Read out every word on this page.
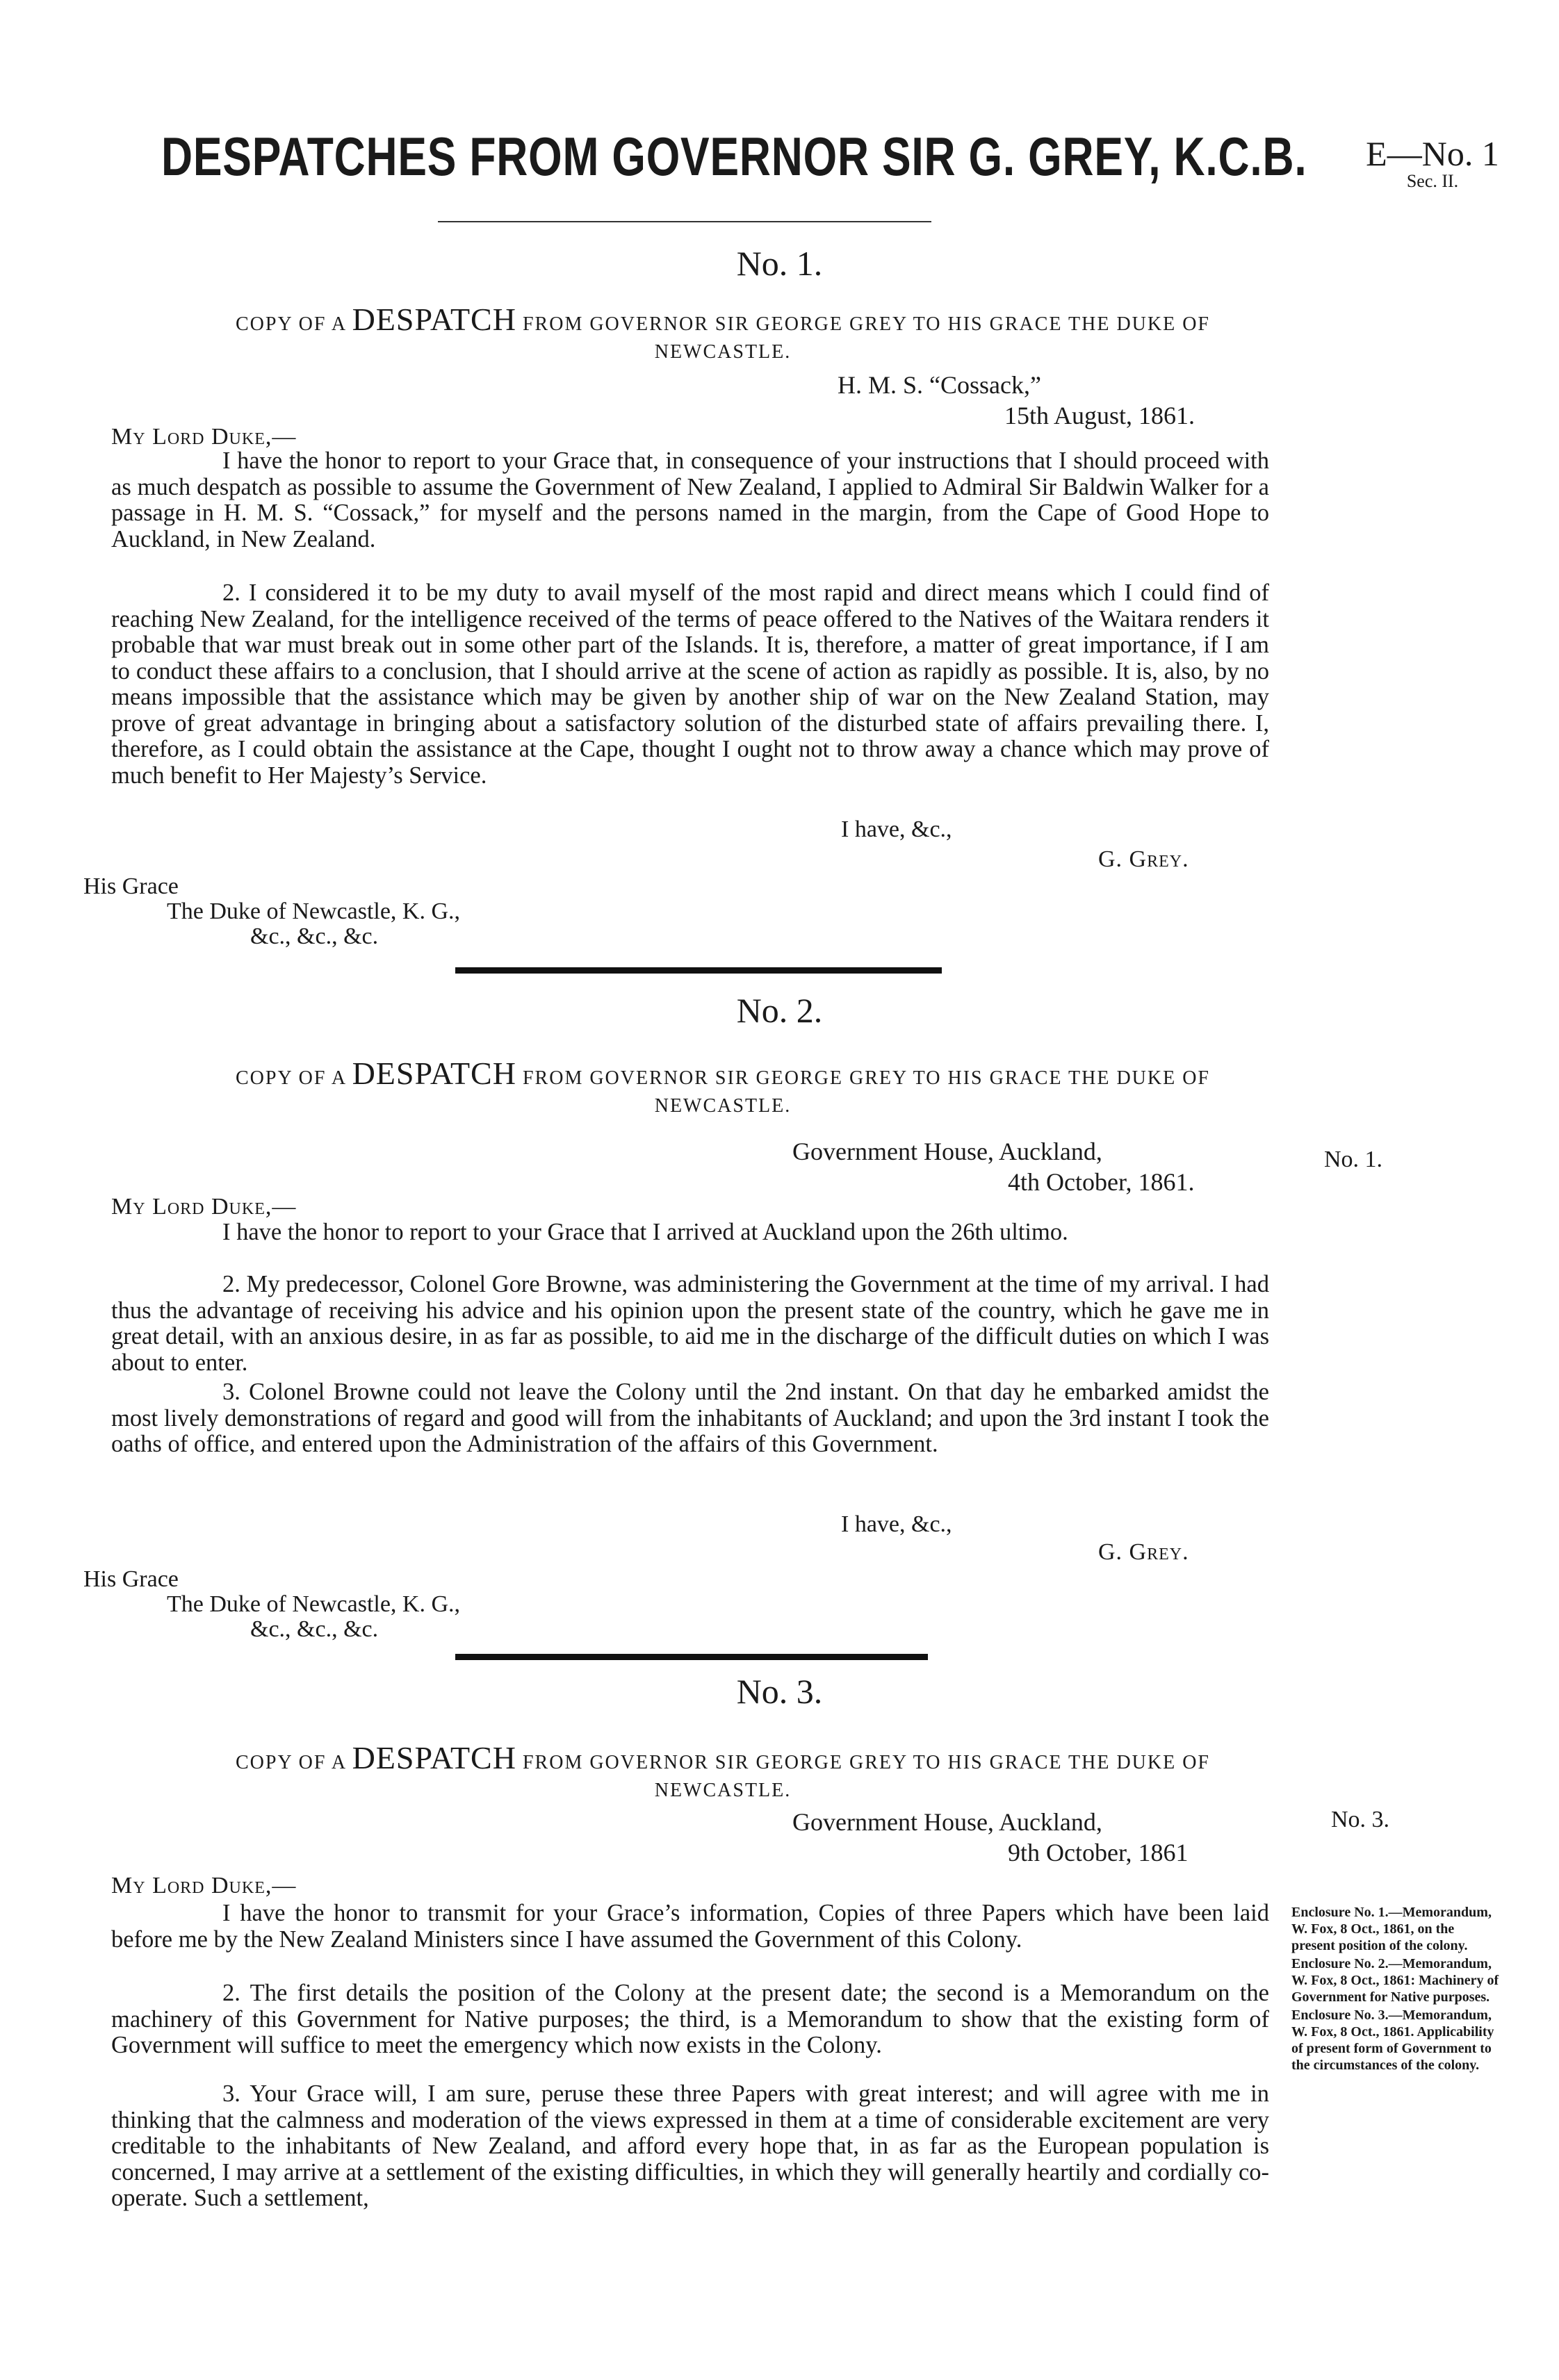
DESPATCHES FROM GOVERNOR SIR G. GREY, K.C.B.	E—No. 1
Sec. II.
No. 1.
COPY OF A DESPATCH FROM GOVERNOR SIR GEORGE GREY TO HIS GRACE THE DUKE OF
NEWCASTLE.
H. M. S. “Cossack,”
15th August, 1861.
My Lord Duke,—

I have the honor to report to your Grace that, in consequence of your instructions that I should proceed with as much despatch as possible to assume the Government of New Zealand, I applied to Admiral Sir Baldwin Walker for a passage in H. M. S. “Cossack,” for myself and the persons named in the margin, from the Cape of Good Hope to Auckland, in New Zealand.

2. I considered it to be my duty to avail myself of the most rapid and direct means which I could find of reaching New Zealand, for the intelligence received of the terms of peace offered to the Natives of the Waitara renders it probable that war must break out in some other part of the Islands. It is, therefore, a matter of great importance, if I am to conduct these affairs to a conclusion, that I should arrive at the scene of action as rapidly as possible. It is, also, by no means impossible that the assistance which may be given by another ship of war on the New Zealand Station, may prove of great advantage in bringing about a satisfactory solution of the disturbed state of affairs prevailing there. I, therefore, as I could obtain the assistance at the Cape, thought I ought not to throw away a chance which may prove of much benefit to Her Majesty’s Service.

I have, &c.,
G. Grey.
His Grace
The Duke of Newcastle, K. G.,
&c., &c., &c.
No. 2.
COPY OF A DESPATCH FROM GOVERNOR SIR GEORGE GREY TO HIS GRACE THE DUKE OF
NEWCASTLE.
Government House, Auckland,
4th October, 1861.
No. 1.
My Lord Duke,—

I have the honor to report to your Grace that I arrived at Auckland upon the 26th ultimo.

2. My predecessor, Colonel Gore Browne, was administering the Government at the time of my arrival. I had thus the advantage of receiving his advice and his opinion upon the present state of the country, which he gave me in great detail, with an anxious desire, in as far as possible, to aid me in the discharge of the difficult duties on which I was about to enter.

3. Colonel Browne could not leave the Colony until the 2nd instant. On that day he embarked amidst the most lively demonstrations of regard and good will from the inhabitants of Auckland; and upon the 3rd instant I took the oaths of office, and entered upon the Administration of the affairs of this Government.

I have, &c.,
G. Grey.
His Grace
The Duke of Newcastle, K. G.,
&c., &c., &c.
No. 3.
COPY OF A DESPATCH FROM GOVERNOR SIR GEORGE GREY TO HIS GRACE THE DUKE OF
NEWCASTLE.
Government House, Auckland,
9th October, 1861
No. 3.
My Lord Duke,—

I have the honor to transmit for your Grace’s information, Copies of three Papers which have been laid before me by the New Zealand Ministers since I have assumed the Government of this Colony.

2. The first details the position of the Colony at the present date; the second is a Memorandum on the machinery of this Government for Native purposes; the third, is a Memorandum to show that the existing form of Government will suffice to meet the emergency which now exists in the Colony.

3. Your Grace will, I am sure, peruse these three Papers with great interest; and will agree with me in thinking that the calmness and moderation of the views expressed in them at a time of considerable excitement are very creditable to the inhabitants of New Zealand, and afford every hope that, in as far as the European population is concerned, I may arrive at a settlement of the existing difficulties, in which they will generally heartily and cordially co-operate. Such a settlement,

Enclosure No. 1.—Memorandum, W. Fox, 8 Oct., 1861, on the present position of the colony.
Enclosure No. 2.—Memorandum, W. Fox, 8 Oct., 1861: Machinery of Government for Native purposes.
Enclosure No. 3.—Memorandum, W. Fox, 8 Oct., 1861. Applicability of present form of Government to the circumstances of the colony.
